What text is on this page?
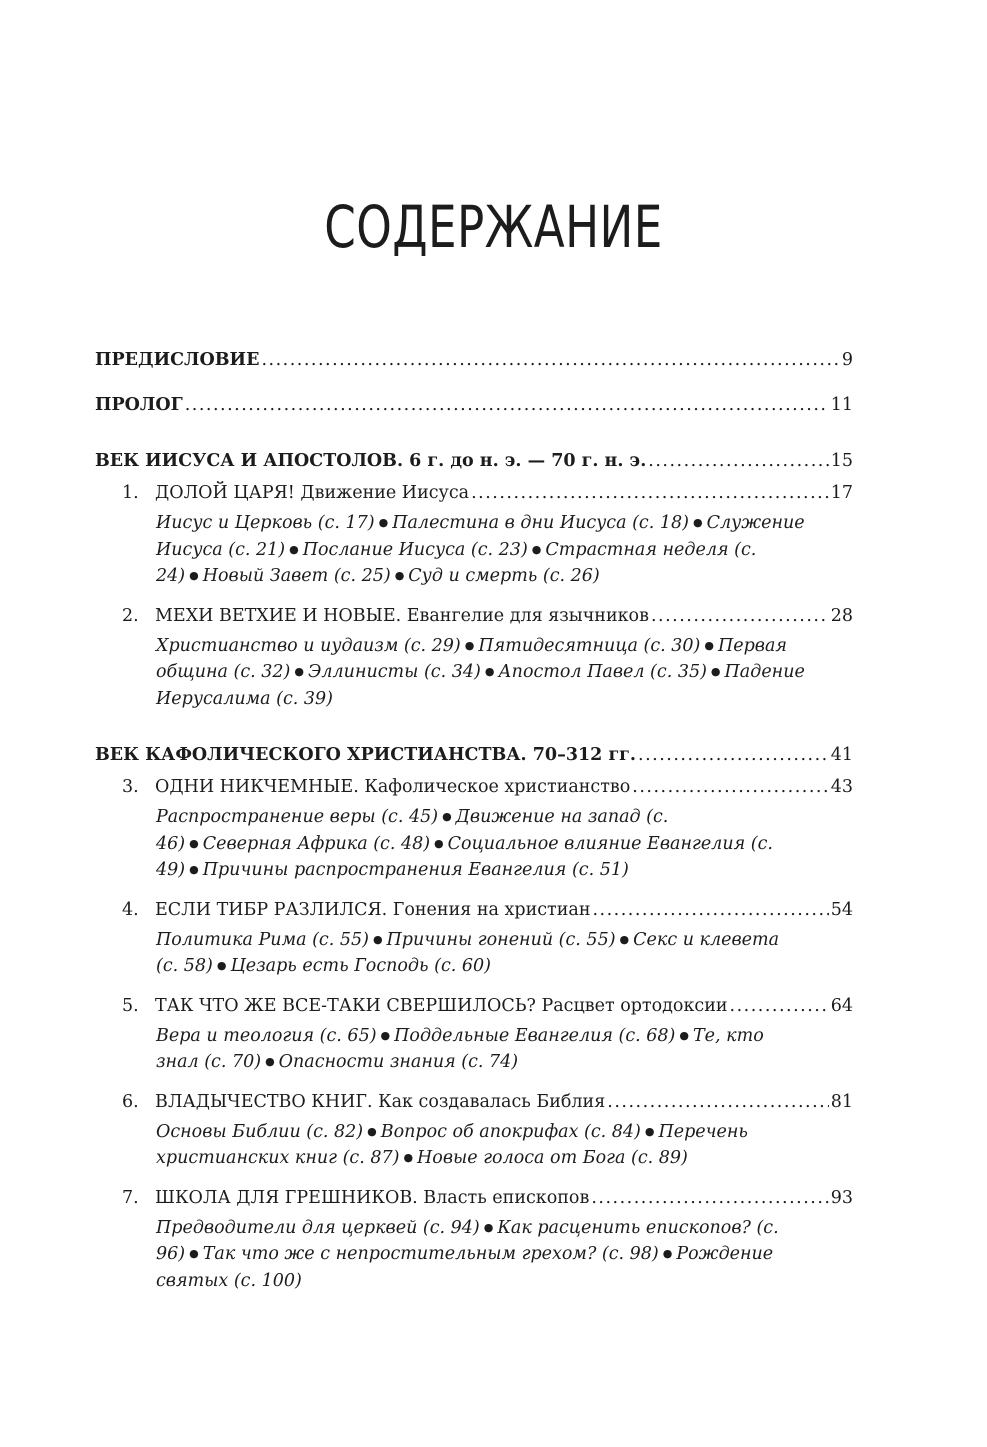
СОДЕРЖАНИЕ
ПРЕДИСЛОВИЕ .....	9
ПРОЛОГ .....	11
ВЕК ИИСУСА И АПОСТОЛОВ. 6 г. до н. э. — 70 г. н. э. .....	15
1. ДОЛОЙ ЦАРЯ! Движение Иисуса .....	17
Иисус и Церковь (с. 17) ● Палестина в дни Иисуса (с. 18) ● Служение Иисуса (с. 21) ● Послание Иисуса (с. 23) ● Страстная неделя (с. 24) ● Новый Завет (с. 25) ● Суд и смерть (с. 26)
2. МЕХИ ВЕТХИЕ И НОВЫЕ. Евангелие для язычников .....	28
Христианство и иудаизм (с. 29) ● Пятидесятница (с. 30) ● Первая община (с. 32) ● Эллинисты (с. 34) ● Апостол Павел (с. 35) ● Падение Иерусалима (с. 39)
ВЕК КАФОЛИЧЕСКОГО ХРИСТИАНСТВА. 70–312 гг. .....	41
3. ОДНИ НИКЧЕМНЫЕ. Кафолическое христианство .....	43
Распространение веры (с. 45) ● Движение на запад (с. 46) ● Северная Африка (с. 48) ● Социальное влияние Евангелия (с. 49) ● Причины распространения Евангелия (с. 51)
4. ЕСЛИ ТИБР РАЗЛИЛСЯ. Гонения на христиан .....	54
Политика Рима (с. 55) ● Причины гонений (с. 55) ● Секс и клевета (с. 58) ● Цезарь есть Господь (с. 60)
5. ТАК ЧТО ЖЕ ВСЕ-ТАКИ СВЕРШИЛОСЬ? Расцвет ортодоксии .....	64
Вера и теология (с. 65) ● Поддельные Евангелия (с. 68) ● Те, кто знал (с. 70) ● Опасности знания (с. 74)
6. ВЛАДЫЧЕСТВО КНИГ. Как создавалась Библия .....	81
Основы Библии (с. 82) ● Вопрос об апокрифах (с. 84) ● Перечень христианских книг (с. 87) ● Новые голоса от Бога (с. 89)
7. ШКОЛА ДЛЯ ГРЕШНИКОВ. Власть епископов .....	93
Предводители для церквей (с. 94) ● Как расценить епископов? (с. 96) ● Так что же с непростительным грехом? (с. 98) ● Рождение святых (с. 100)
